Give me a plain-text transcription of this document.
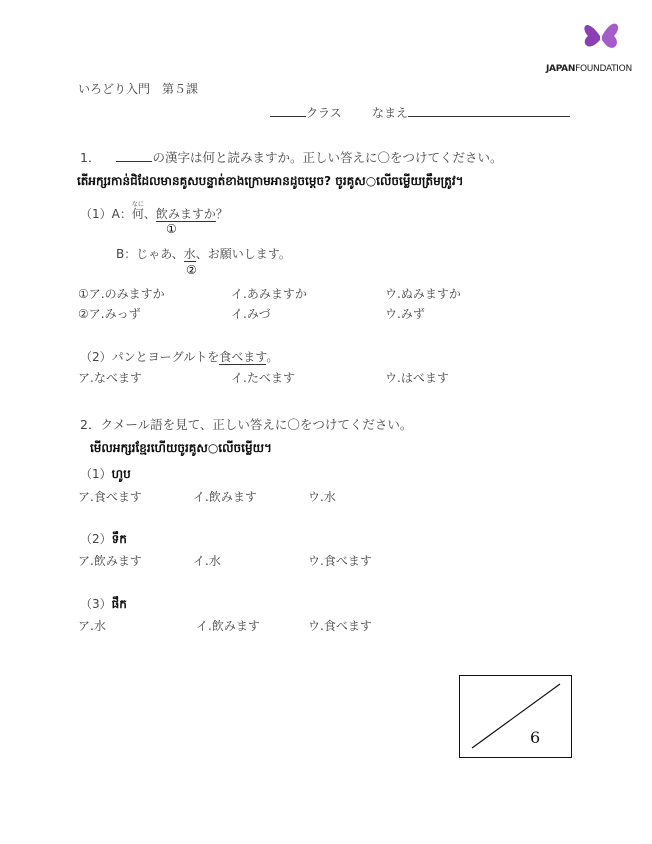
JAPANFOUNDATION
いろどり入門　第５課
クラス	なまえ
1．	の漢字は何と読みますか。正しい答えに〇をつけてください。
តើអក្សរកាន់ជិដែលមានគូសបន្ទាត់ខាងក្រោមអានដូចម្ដេច? ចូរគូស○លើចម្លើយត្រឹមត្រូវ។
（1）A：何なに、飲みますか？
①
B：じゃあ、水、お願いします。
②
①ア.のみますか	イ.あみますか	ウ.ぬみますか
②ア.みっず	イ.みづ	ウ.みず
（2）パンとヨーグルトを食べます。
ア.なべます	イ.たべます	ウ.はべます
2．クメール語を見て、正しい答えに〇をつけてください。
មើលអក្សរខ្មែរហើយចូរគូស○លើចម្លើយ។
（1）ហូប
ア.食べます	イ.飲みます	ウ.水
（2）ទឹក
ア.飲みます	イ.水	ウ.食べます
（3）ផឹក
ア.水	イ.飲みます	ウ.食べます
6
